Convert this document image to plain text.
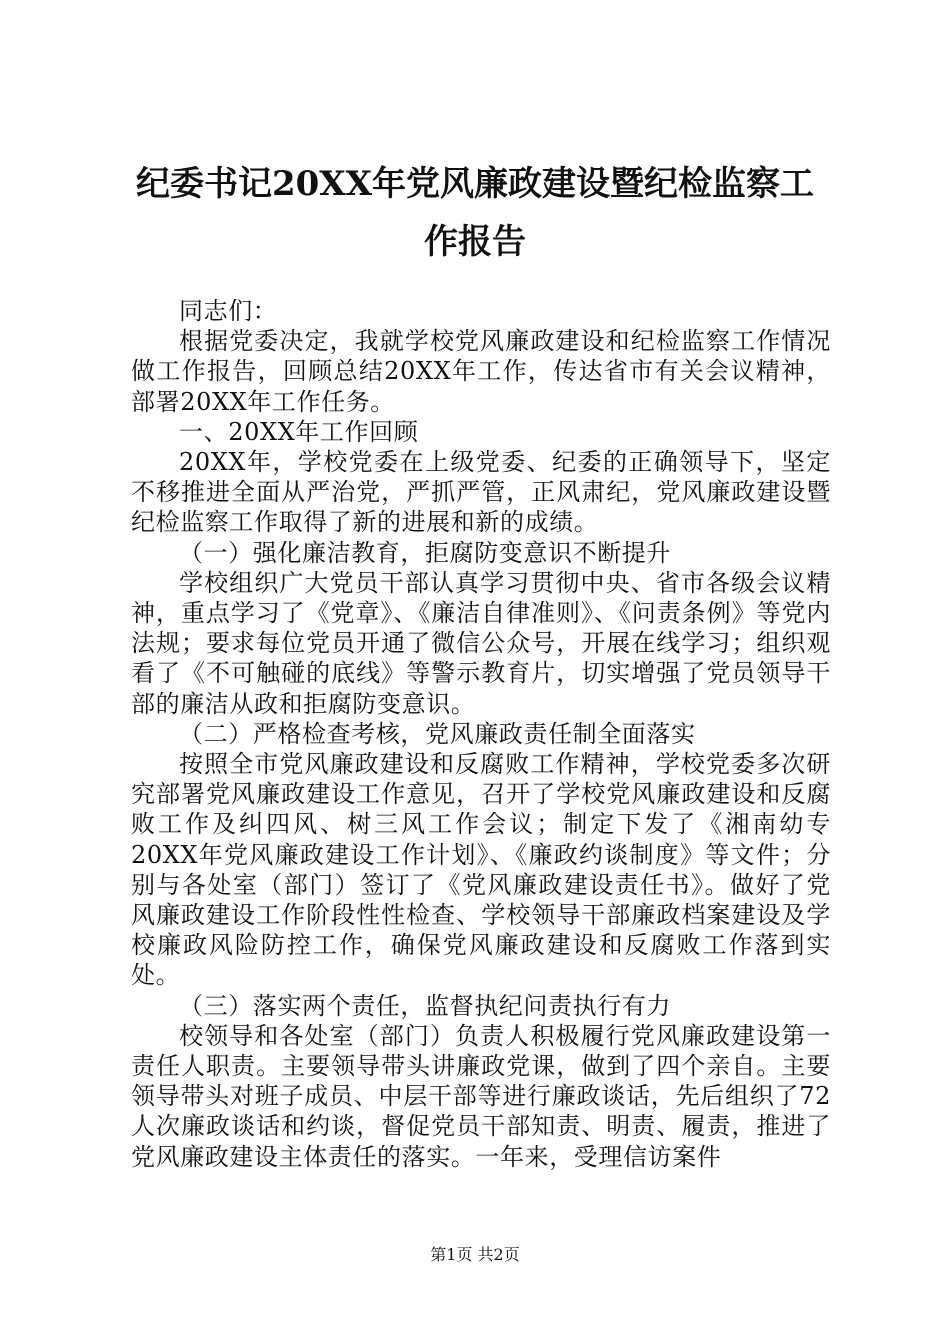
纪委书记20XX年党风廉政建设暨纪检监察工
作报告

同志们：

根据党委决定，我就学校党风廉政建设和纪检监察工作情况做工作报告，回顾总结20XX年工作，传达省市有关会议精神，部署20XX年工作任务。

一、20XX年工作回顾

20XX年，学校党委在上级党委、纪委的正确领导下，坚定不移推进全面从严治党，严抓严管，正风肃纪，党风廉政建设暨纪检监察工作取得了新的进展和新的成绩。

（一）强化廉洁教育，拒腐防变意识不断提升

学校组织广大党员干部认真学习贯彻中央、省市各级会议精神，重点学习了《党章》、《廉洁自律准则》、《问责条例》等党内法规；要求每位党员开通了微信公众号，开展在线学习；组织观看了《不可触碰的底线》等警示教育片，切实增强了党员领导干部的廉洁从政和拒腐防变意识。

（二）严格检查考核，党风廉政责任制全面落实

按照全市党风廉政建设和反腐败工作精神，学校党委多次研究部署党风廉政建设工作意见，召开了学校党风廉政建设和反腐败工作及纠四风、树三风工作会议；制定下发了《湘南幼专20XX年党风廉政建设工作计划》、《廉政约谈制度》等文件；分别与各处室（部门）签订了《党风廉政建设责任书》。做好了党风廉政建设工作阶段性性检查、学校领导干部廉政档案建设及学校廉政风险防控工作，确保党风廉政建设和反腐败工作落到实处。

（三）落实两个责任，监督执纪问责执行有力

校领导和各处室（部门）负责人积极履行党风廉政建设第一责任人职责。主要领导带头讲廉政党课，做到了四个亲自。主要领导带头对班子成员、中层干部等进行廉政谈话，先后组织了72人次廉政谈话和约谈，督促党员干部知责、明责、履责，推进了党风廉政建设主体责任的落实。一年来，受理信访案件

第1页 共2页
